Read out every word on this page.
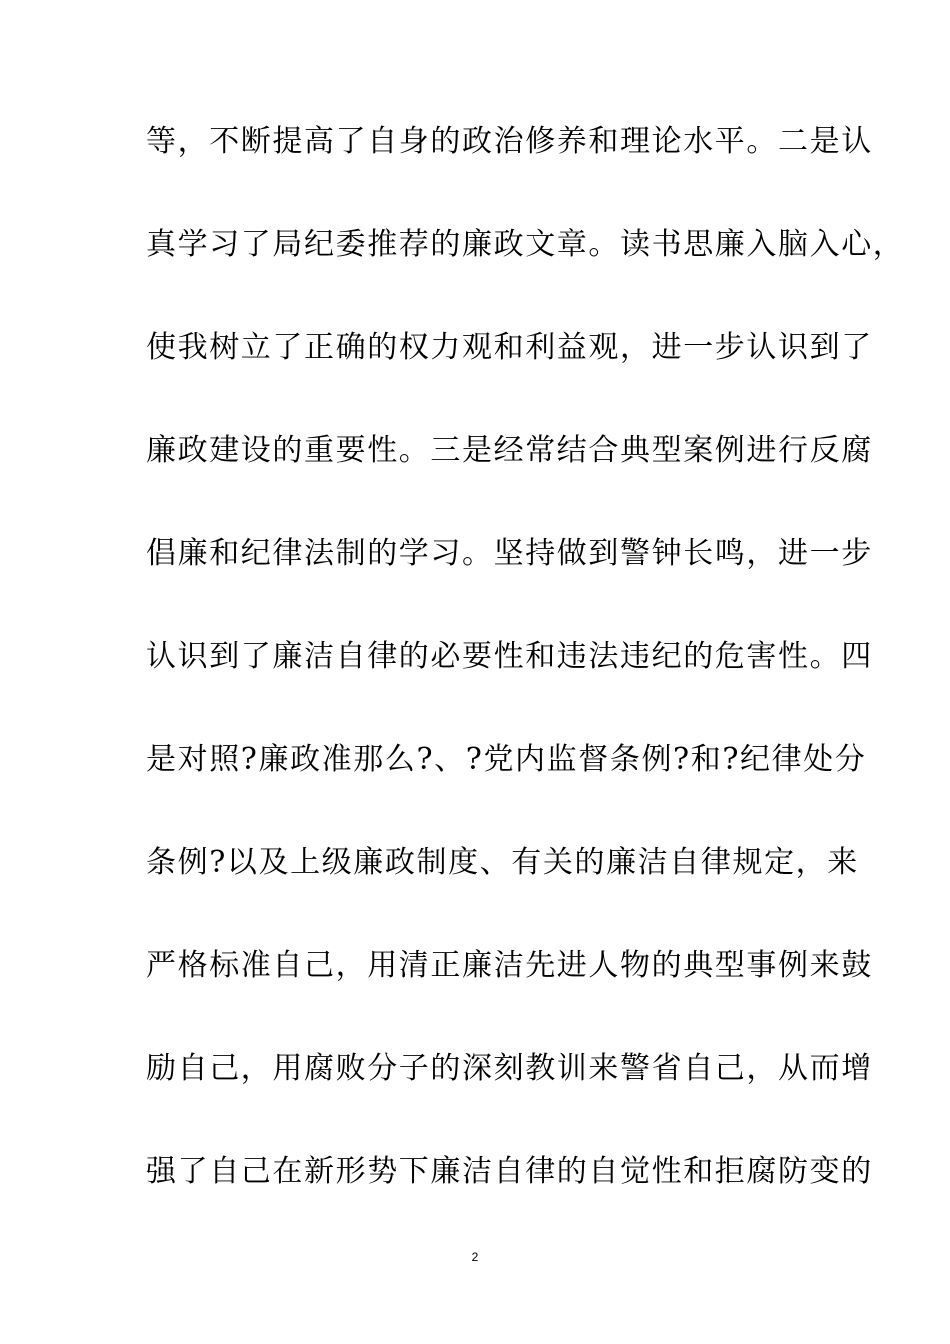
等，不断提高了自身的政治修养和理论水平。二是认
真学习了局纪委推荐的廉政文章。读书思廉入脑入心，
使我树立了正确的权力观和利益观，进一步认识到了
廉政建设的重要性。三是经常结合典型案例进行反腐
倡廉和纪律法制的学习。坚持做到警钟长鸣，进一步
认识到了廉洁自律的必要性和违法违纪的危害性。四
是对照?廉政准那么?、?党内监督条例?和?纪律处分
条例?以及上级廉政制度、有关的廉洁自律规定，来
严格标准自己，用清正廉洁先进人物的典型事例来鼓
励自己，用腐败分子的深刻教训来警省自己，从而增
强了自己在新形势下廉洁自律的自觉性和拒腐防变的
2
